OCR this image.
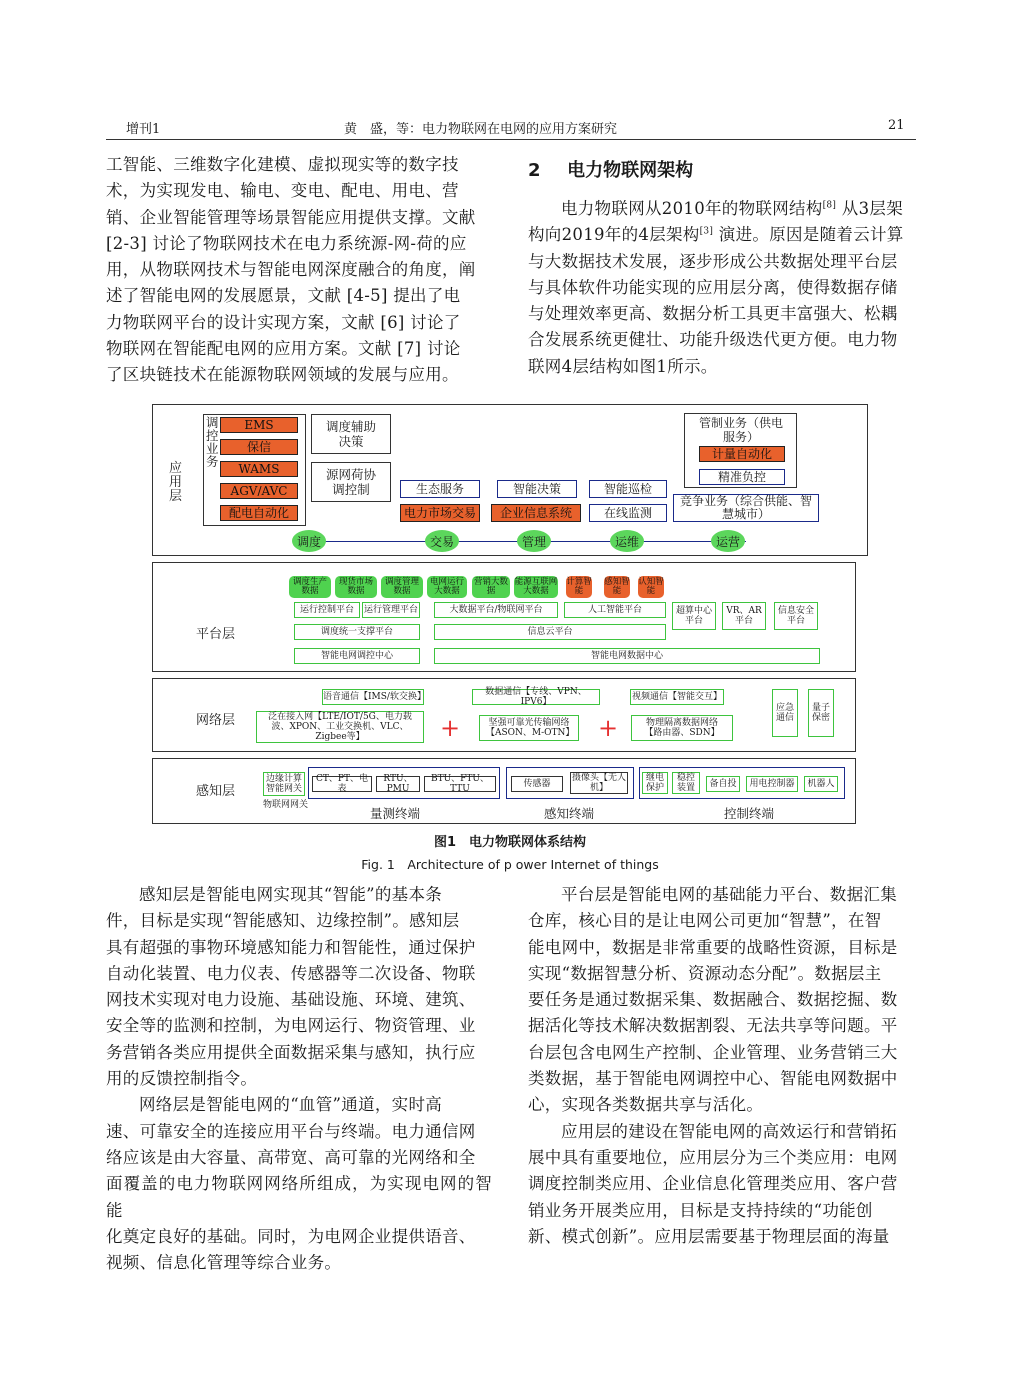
增刊1	黄　盛，等：电力物联网在电网的应用方案研究	21

工智能、三维数字化建模、虚拟现实等的数字技

术，为实现发电、输电、变电、配电、用电、营

销、企业智能管理等场景智能应用提供支撑。文献

[2-3] 讨论了物联网技术在电力系统源-网-荷的应

用，从物联网技术与智能电网深度融合的角度，阐

述了智能电网的发展愿景，文献 [4-5] 提出了电

力物联网平台的设计实现方案，文献 [6] 讨论了

物联网在智能配电网的应用方案。文献 [7] 讨论

了区块链技术在能源物联网领域的发展与应用。

2 电力物联网架构

电力物联网从2010年的物联网结构[8] 从3层架

构向2019年的4层架构[3] 演进。原因是随着云计算

与大数据技术发展，逐步形成公共数据处理平台层

与具体软件功能实现的应用层分离，使得数据存储

与处理效率更高、数据分析工具更丰富强大、松耦

合发展系统更健壮、功能升级迭代更方便。电力物

联网4层结构如图1所示。

应用层
调控业务
EMS
保信
WAMS
AGV/AVC
配电自动化
调度辅助决策
源网荷协调控制	生态服务
电力市场交易
智能决策
企业信息系统
智能巡检
在线监测
管制业务（供电服务）
计量自动化
精准负控
竞争业务（综合供能、智慧城市）
调度	交易	管理	运维	运营
平台层
调度生产数据
现货市场数据
调度管理数据
电网运行大数据
营销大数据
能源互联网大数据
计算智能
感知智能
认知智能
运行控制平台	运行管理平台	大数据平台/物联网平台	人工智能平台	超算中心平台
VR、AR平台
信息安全平台
调度统一支撑平台	信息云平台
智能电网调控中心	智能电网数据中心
网络层
语音通信【IMS/软交换】	数据通信【专线、VPN、IPV6】	视频通信【智能交互】
泛在接入网【LTE/IOT/5G、电力载波、XPON、工业交换机、VLC、Zigbee等】	+	坚强可靠光传输网络【ASON、M-OTN】 +	物理隔离数据网络【路由器、SDN】
应急通信
量子保密
感知层
边缘计算智能网关
物联网网关
CT、PT、电表
RTU、PMU
BTU、FTU、TTU	传感器
摄像头【无人机】
继电保护
稳控装置	备自投	用电控制器	机器人
量测终端	感知终端	控制终端
图1　电力物联网体系结构
Fig. 1　Architecture of p ower Internet of things

感知层是智能电网实现其“智能”的基本条

件，目标是实现“智能感知、边缘控制”。感知层

具有超强的事物环境感知能力和智能性，通过保护

自动化装置、电力仪表、传感器等二次设备、物联

网技术实现对电力设施、基础设施、环境、建筑、

安全等的监测和控制，为电网运行、物资管理、业

务营销各类应用提供全面数据采集与感知，执行应

用的反馈控制指令。

网络层是智能电网的“血管”通道，实时高

速、可靠安全的连接应用平台与终端。电力通信网

络应该是由大容量、高带宽、高可靠的光网络和全

面覆盖的电力物联网网络所组成，为实现电网的智能

化奠定良好的基础。同时，为电网企业提供语音、

视频、信息化管理等综合业务。

平台层是智能电网的基础能力平台、数据汇集

仓库，核心目的是让电网公司更加“智慧”，在智

能电网中，数据是非常重要的战略性资源，目标是

实现“数据智慧分析、资源动态分配”。数据层主

要任务是通过数据采集、数据融合、数据挖掘、数

据活化等技术解决数据割裂、无法共享等问题。平

台层包含电网生产控制、企业管理、业务营销三大

类数据，基于智能电网调控中心、智能电网数据中

心，实现各类数据共享与活化。

应用层的建设在智能电网的高效运行和营销拓

展中具有重要地位，应用层分为三个类应用：电网

调度控制类应用、企业信息化管理类应用、客户营

销业务开展类应用，目标是支持持续的“功能创

新、模式创新”。应用层需要基于物理层面的海量
